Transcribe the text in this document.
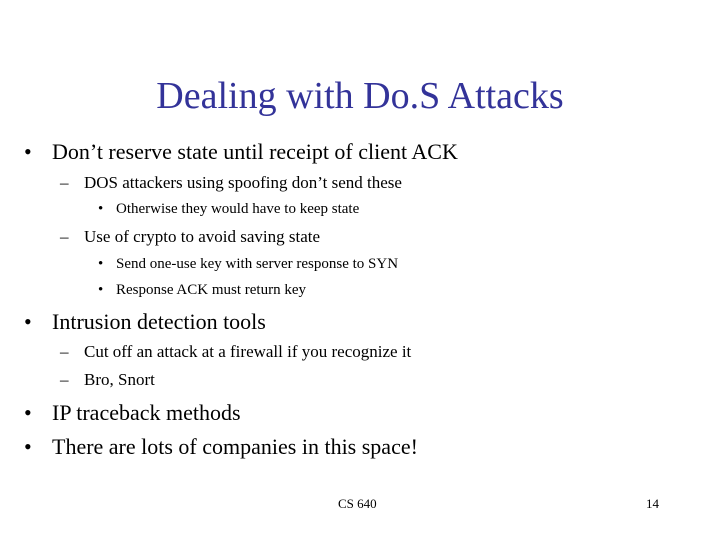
Dealing with Do.S Attacks
• Don’t reserve state until receipt of client ACK
– DOS attackers using spoofing don’t send these
• Otherwise they would have to keep state
– Use of crypto to avoid saving state
• Send one-use key with server response to SYN
• Response ACK must return key
• Intrusion detection tools
– Cut off an attack at a firewall if you recognize it
– Bro, Snort
• IP traceback methods
• There are lots of companies in this space!
CS 640	14
